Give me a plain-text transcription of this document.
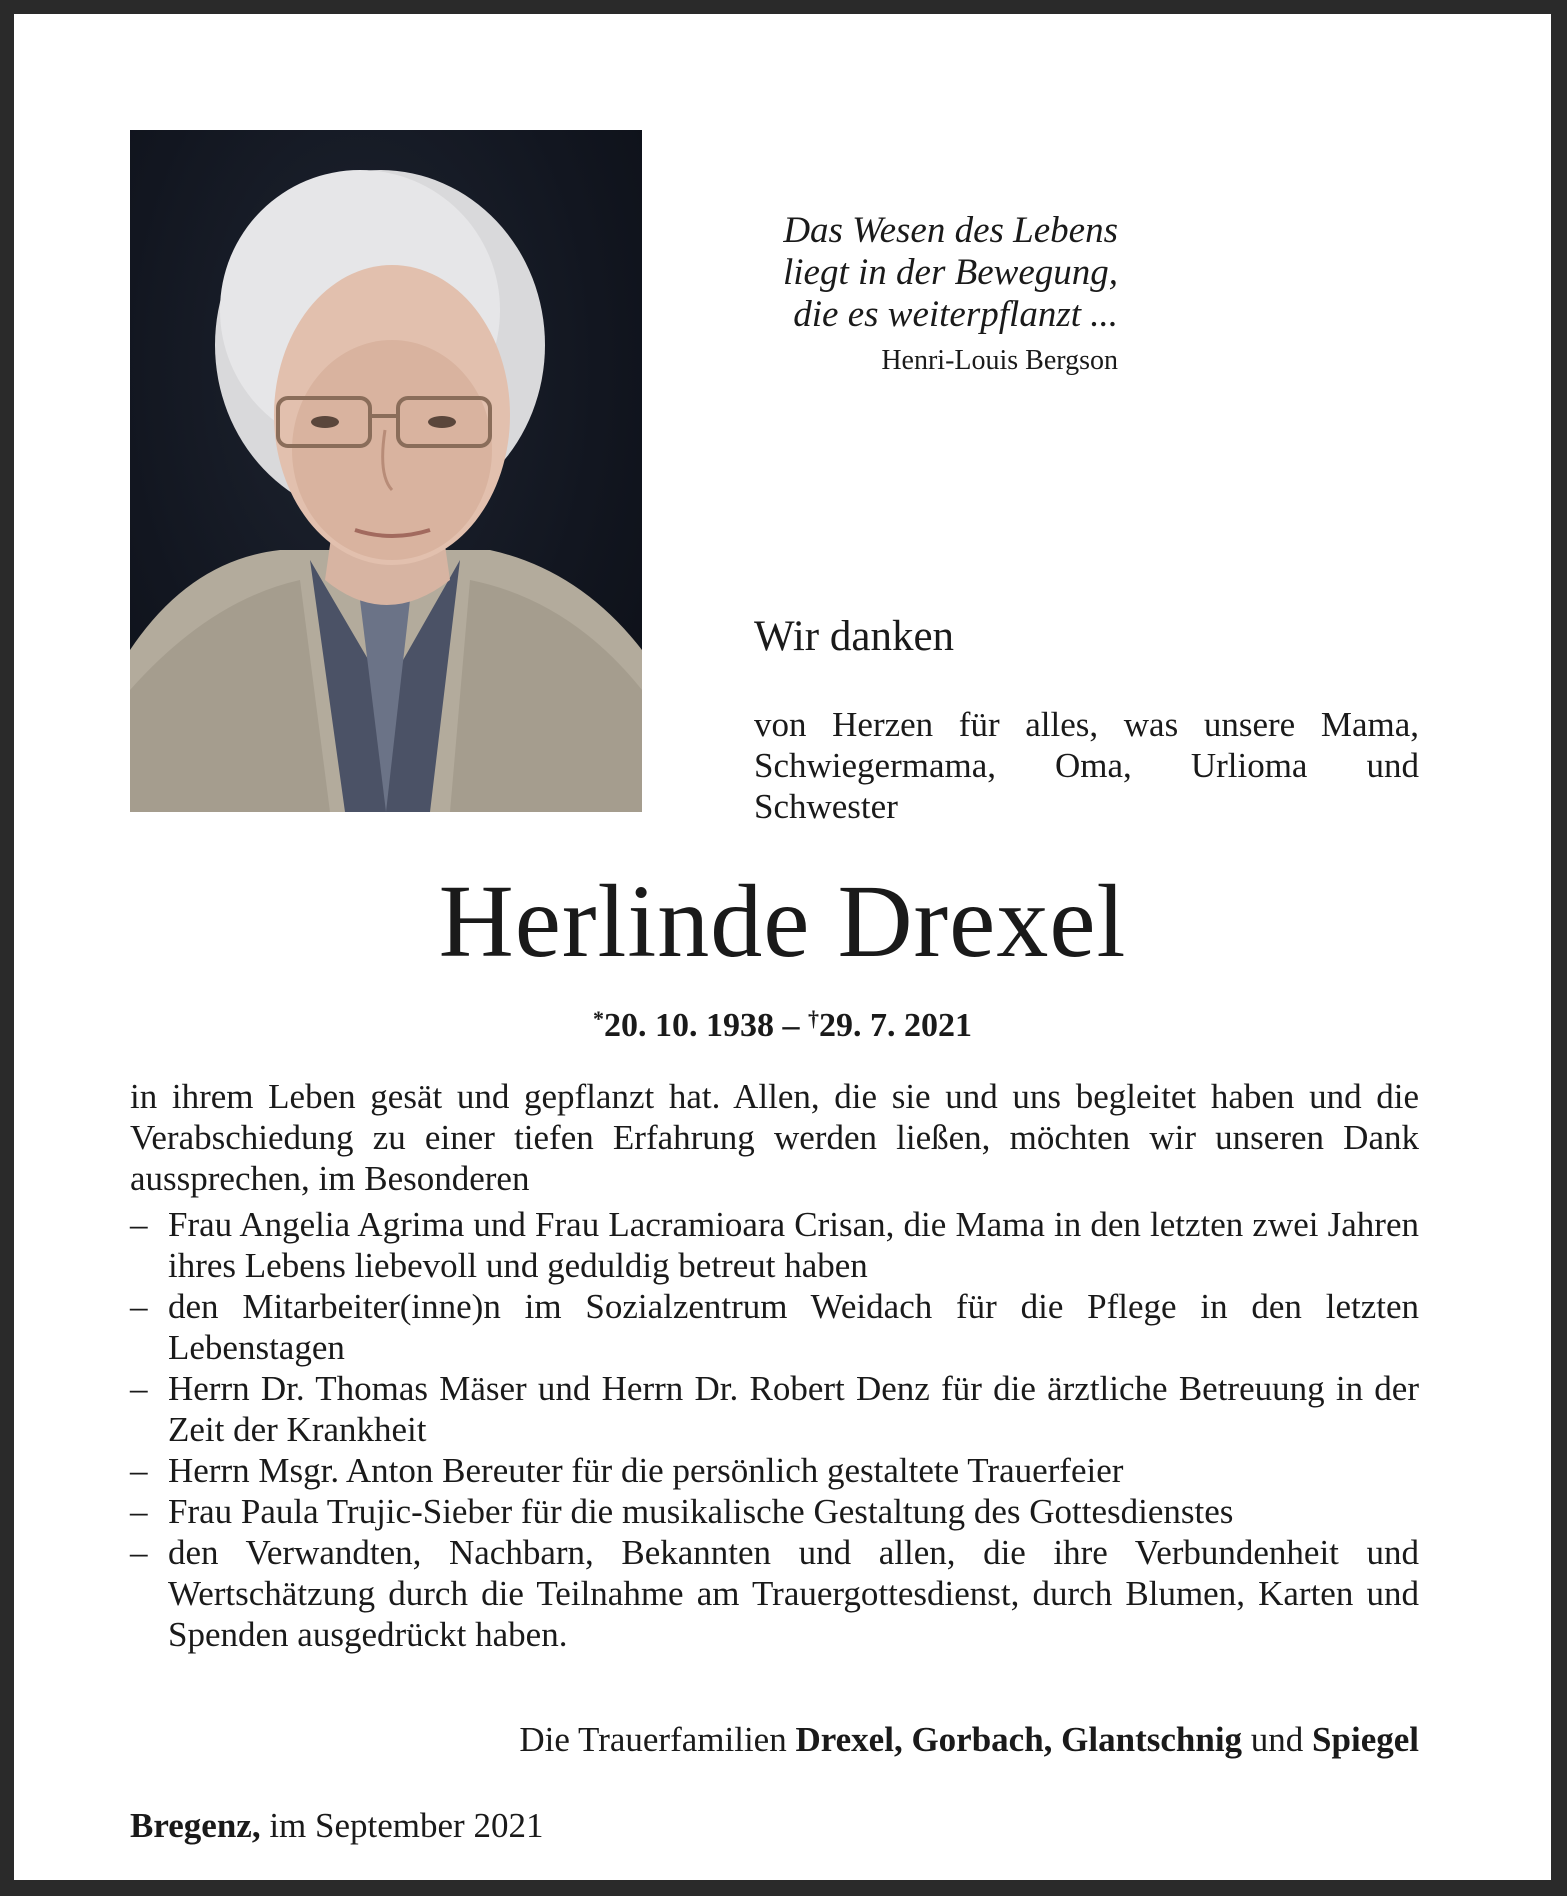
Das Wesen des Lebens
liegt in der Bewegung,
die es weiterpflanzt ...
Henri-Louis Bergson
Wir danken
von Herzen für alles, was unsere Mama, Schwiegermama, Oma, Urlioma und Schwester
Herlinde Drexel
*20. 10. 1938 – †29. 7. 2021
in ihrem Leben gesät und gepflanzt hat. Allen, die sie und uns begleitet haben und die Verabschiedung zu einer tiefen Erfahrung werden ließen, möchten wir unseren Dank aussprechen, im Besonderen
– Frau Angelia Agrima und Frau Lacramioara Crisan, die Mama in den letzten zwei Jahren ihres Lebens liebevoll und geduldig betreut haben
– den Mitarbeiter(inne)n im Sozialzentrum Weidach für die Pflege in den letzten Lebenstagen
– Herrn Dr. Thomas Mäser und Herrn Dr. Robert Denz für die ärztliche Betreuung in der Zeit der Krankheit
– Herrn Msgr. Anton Bereuter für die persönlich gestaltete Trauerfeier
– Frau Paula Trujic-Sieber für die musikalische Gestaltung des Gottesdienstes
– den Verwandten, Nachbarn, Bekannten und allen, die ihre Verbundenheit und Wertschätzung durch die Teilnahme am Trauergottesdienst, durch Blumen, Karten und Spenden ausgedrückt haben.
Die Trauerfamilien Drexel, Gorbach, Glantschnig und Spiegel
Bregenz, im September 2021
